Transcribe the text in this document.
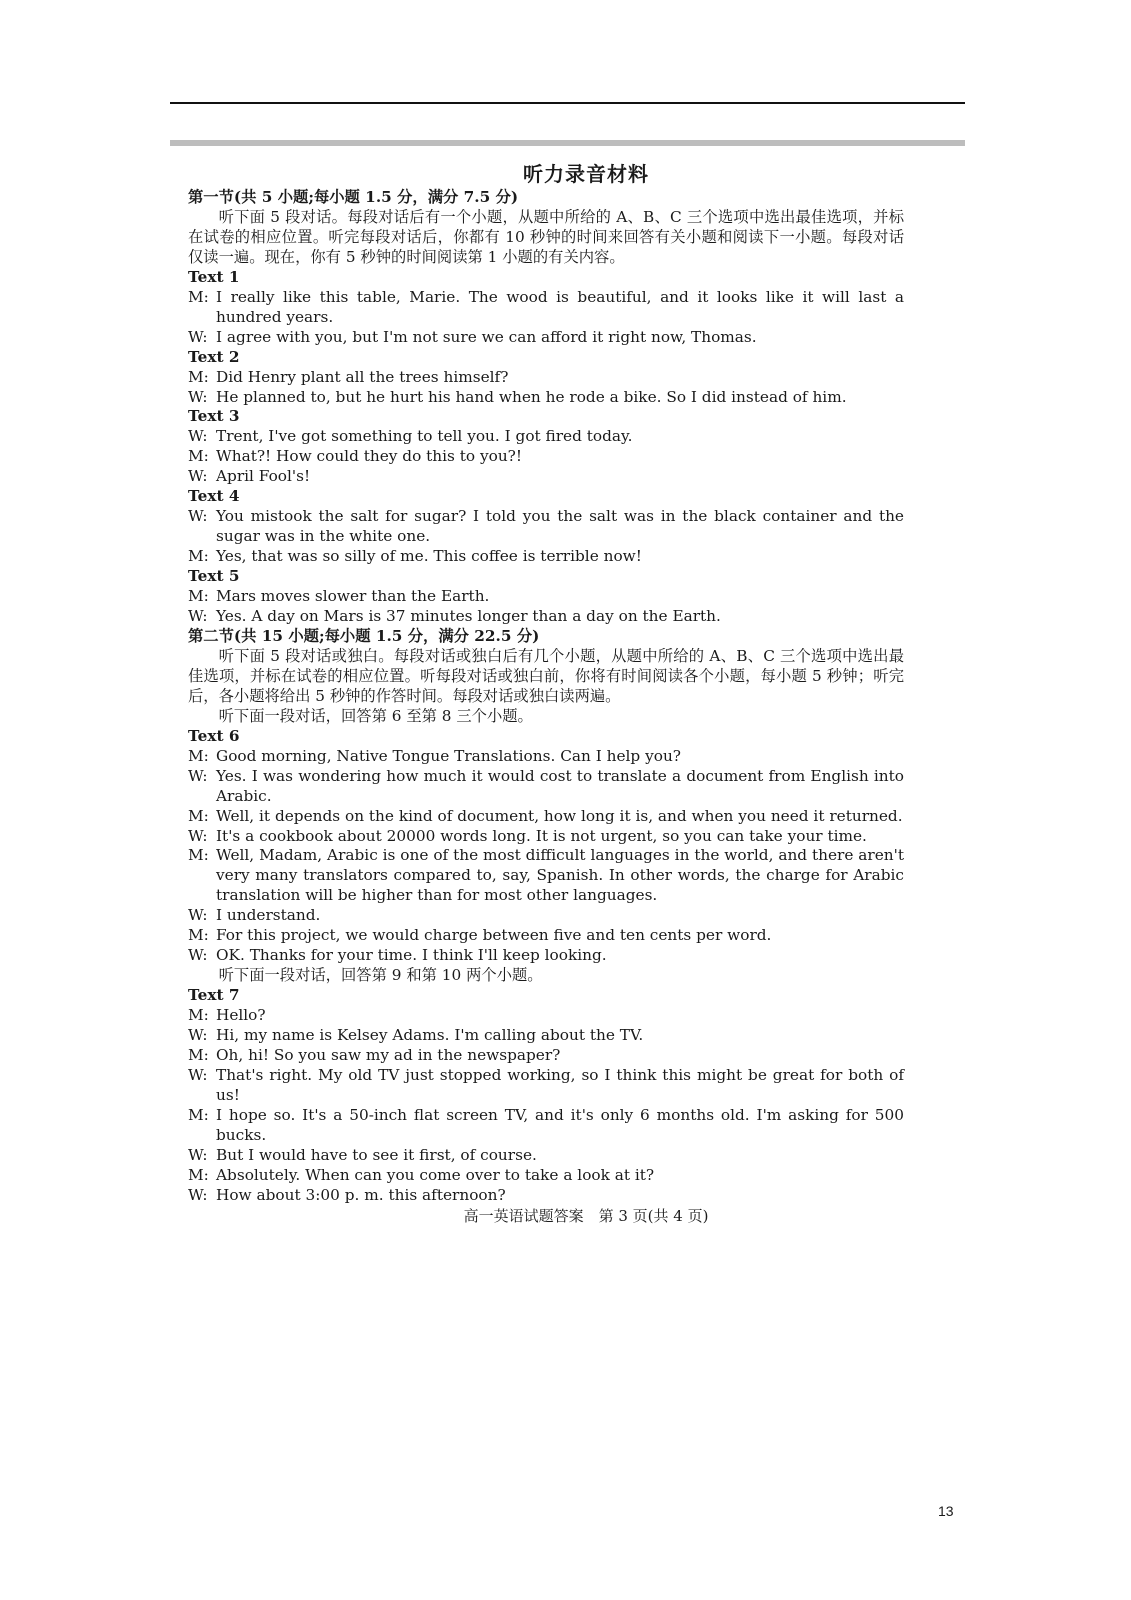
听力录音材料
第一节(共 5 小题;每小题 1.5 分，满分 7.5 分)
听下面 5 段对话。每段对话后有一个小题，从题中所给的 A、B、C 三个选项中选出最佳选项，并标在试卷的相应位置。听完每段对话后，你都有 10 秒钟的时间来回答有关小题和阅读下一小题。每段对话仅读一遍。现在，你有 5 秒钟的时间阅读第 1 小题的有关内容。
Text 1
M: I really like this table, Marie. The wood is beautiful, and it looks like it will last a hundred years.
W: I agree with you, but I'm not sure we can afford it right now, Thomas.
Text 2
M: Did Henry plant all the trees himself?
W: He planned to, but he hurt his hand when he rode a bike. So I did instead of him.
Text 3
W: Trent, I've got something to tell you. I got fired today.
M: What?! How could they do this to you?!
W: April Fool's!
Text 4
W: You mistook the salt for sugar? I told you the salt was in the black container and the sugar was in the white one.
M: Yes, that was so silly of me. This coffee is terrible now!
Text 5
M: Mars moves slower than the Earth.
W: Yes. A day on Mars is 37 minutes longer than a day on the Earth.
第二节(共 15 小题;每小题 1.5 分，满分 22.5 分)
听下面 5 段对话或独白。每段对话或独白后有几个小题，从题中所给的 A、B、C 三个选项中选出最佳选项，并标在试卷的相应位置。听每段对话或独白前，你将有时间阅读各个小题，每小题 5 秒钟；听完后，各小题将给出 5 秒钟的作答时间。每段对话或独白读两遍。
听下面一段对话，回答第 6 至第 8 三个小题。
Text 6
M: Good morning, Native Tongue Translations. Can I help you?
W: Yes. I was wondering how much it would cost to translate a document from English into Arabic.
M: Well, it depends on the kind of document, how long it is, and when you need it returned.
W: It's a cookbook about 20000 words long. It is not urgent, so you can take your time.
M: Well, Madam, Arabic is one of the most difficult languages in the world, and there aren't very many translators compared to, say, Spanish. In other words, the charge for Arabic translation will be higher than for most other languages.
W: I understand.
M: For this project, we would charge between five and ten cents per word.
W: OK. Thanks for your time. I think I'll keep looking.
听下面一段对话，回答第 9 和第 10 两个小题。
Text 7
M: Hello?
W: Hi, my name is Kelsey Adams. I'm calling about the TV.
M: Oh, hi! So you saw my ad in the newspaper?
W: That's right. My old TV just stopped working, so I think this might be great for both of us!
M: I hope so. It's a 50-inch flat screen TV, and it's only 6 months old. I'm asking for 500 bucks.
W: But I would have to see it first, of course.
M: Absolutely. When can you come over to take a look at it?
W: How about 3:00 p. m. this afternoon?
高一英语试题答案　第 3 页(共 4 页)
13
